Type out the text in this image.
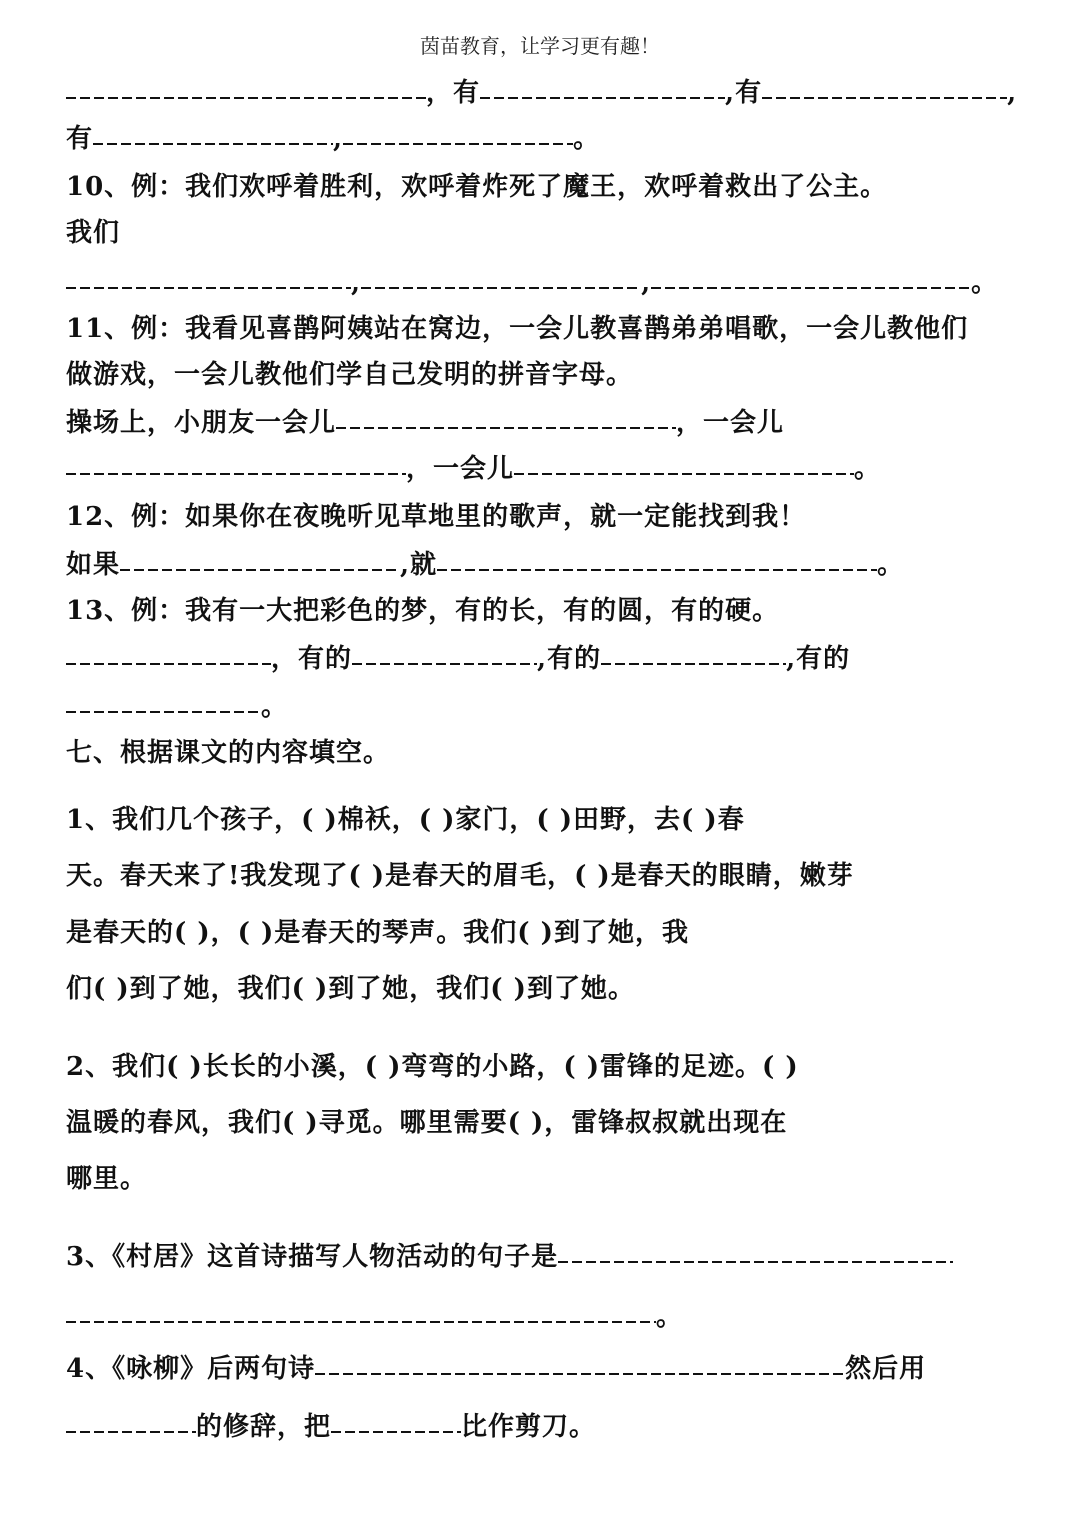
茵苗教育，让学习更有趣！
，有	,有	,
有	,	。
10、例：我们欢呼着胜利，欢呼着炸死了魔王，欢呼着救出了公主。
我们
,	,	。
11、例：我看见喜鹊阿姨站在窝边，一会儿教喜鹊弟弟唱歌，一会儿教他们
做游戏，一会儿教他们学自己发明的拼音字母。
操场上，小朋友一会儿	，一会儿
，一会儿	。
12、例：如果你在夜晚听见草地里的歌声，就一定能找到我！
如果	,就	。
13、例：我有一大把彩色的梦，有的长，有的圆，有的硬。
，有的	,有的	,有的
。
七、根据课文的内容填空。
1、我们几个孩子，( )棉袄，( )家门，( )田野，去( )春
天。春天来了!我发现了( )是春天的眉毛，( )是春天的眼睛，嫩芽
是春天的( )，( )是春天的琴声。我们( )到了她，我
们( )到了她，我们( )到了她，我们( )到了她。
2、我们( )长长的小溪，( )弯弯的小路，( )雷锋的足迹。( )
温暖的春风，我们( )寻觅。哪里需要( )，雷锋叔叔就出现在
哪里。
3、《村居》这首诗描写人物活动的句子是
。
4、《咏柳》后两句诗	然后用
的修辞，把	比作剪刀。
